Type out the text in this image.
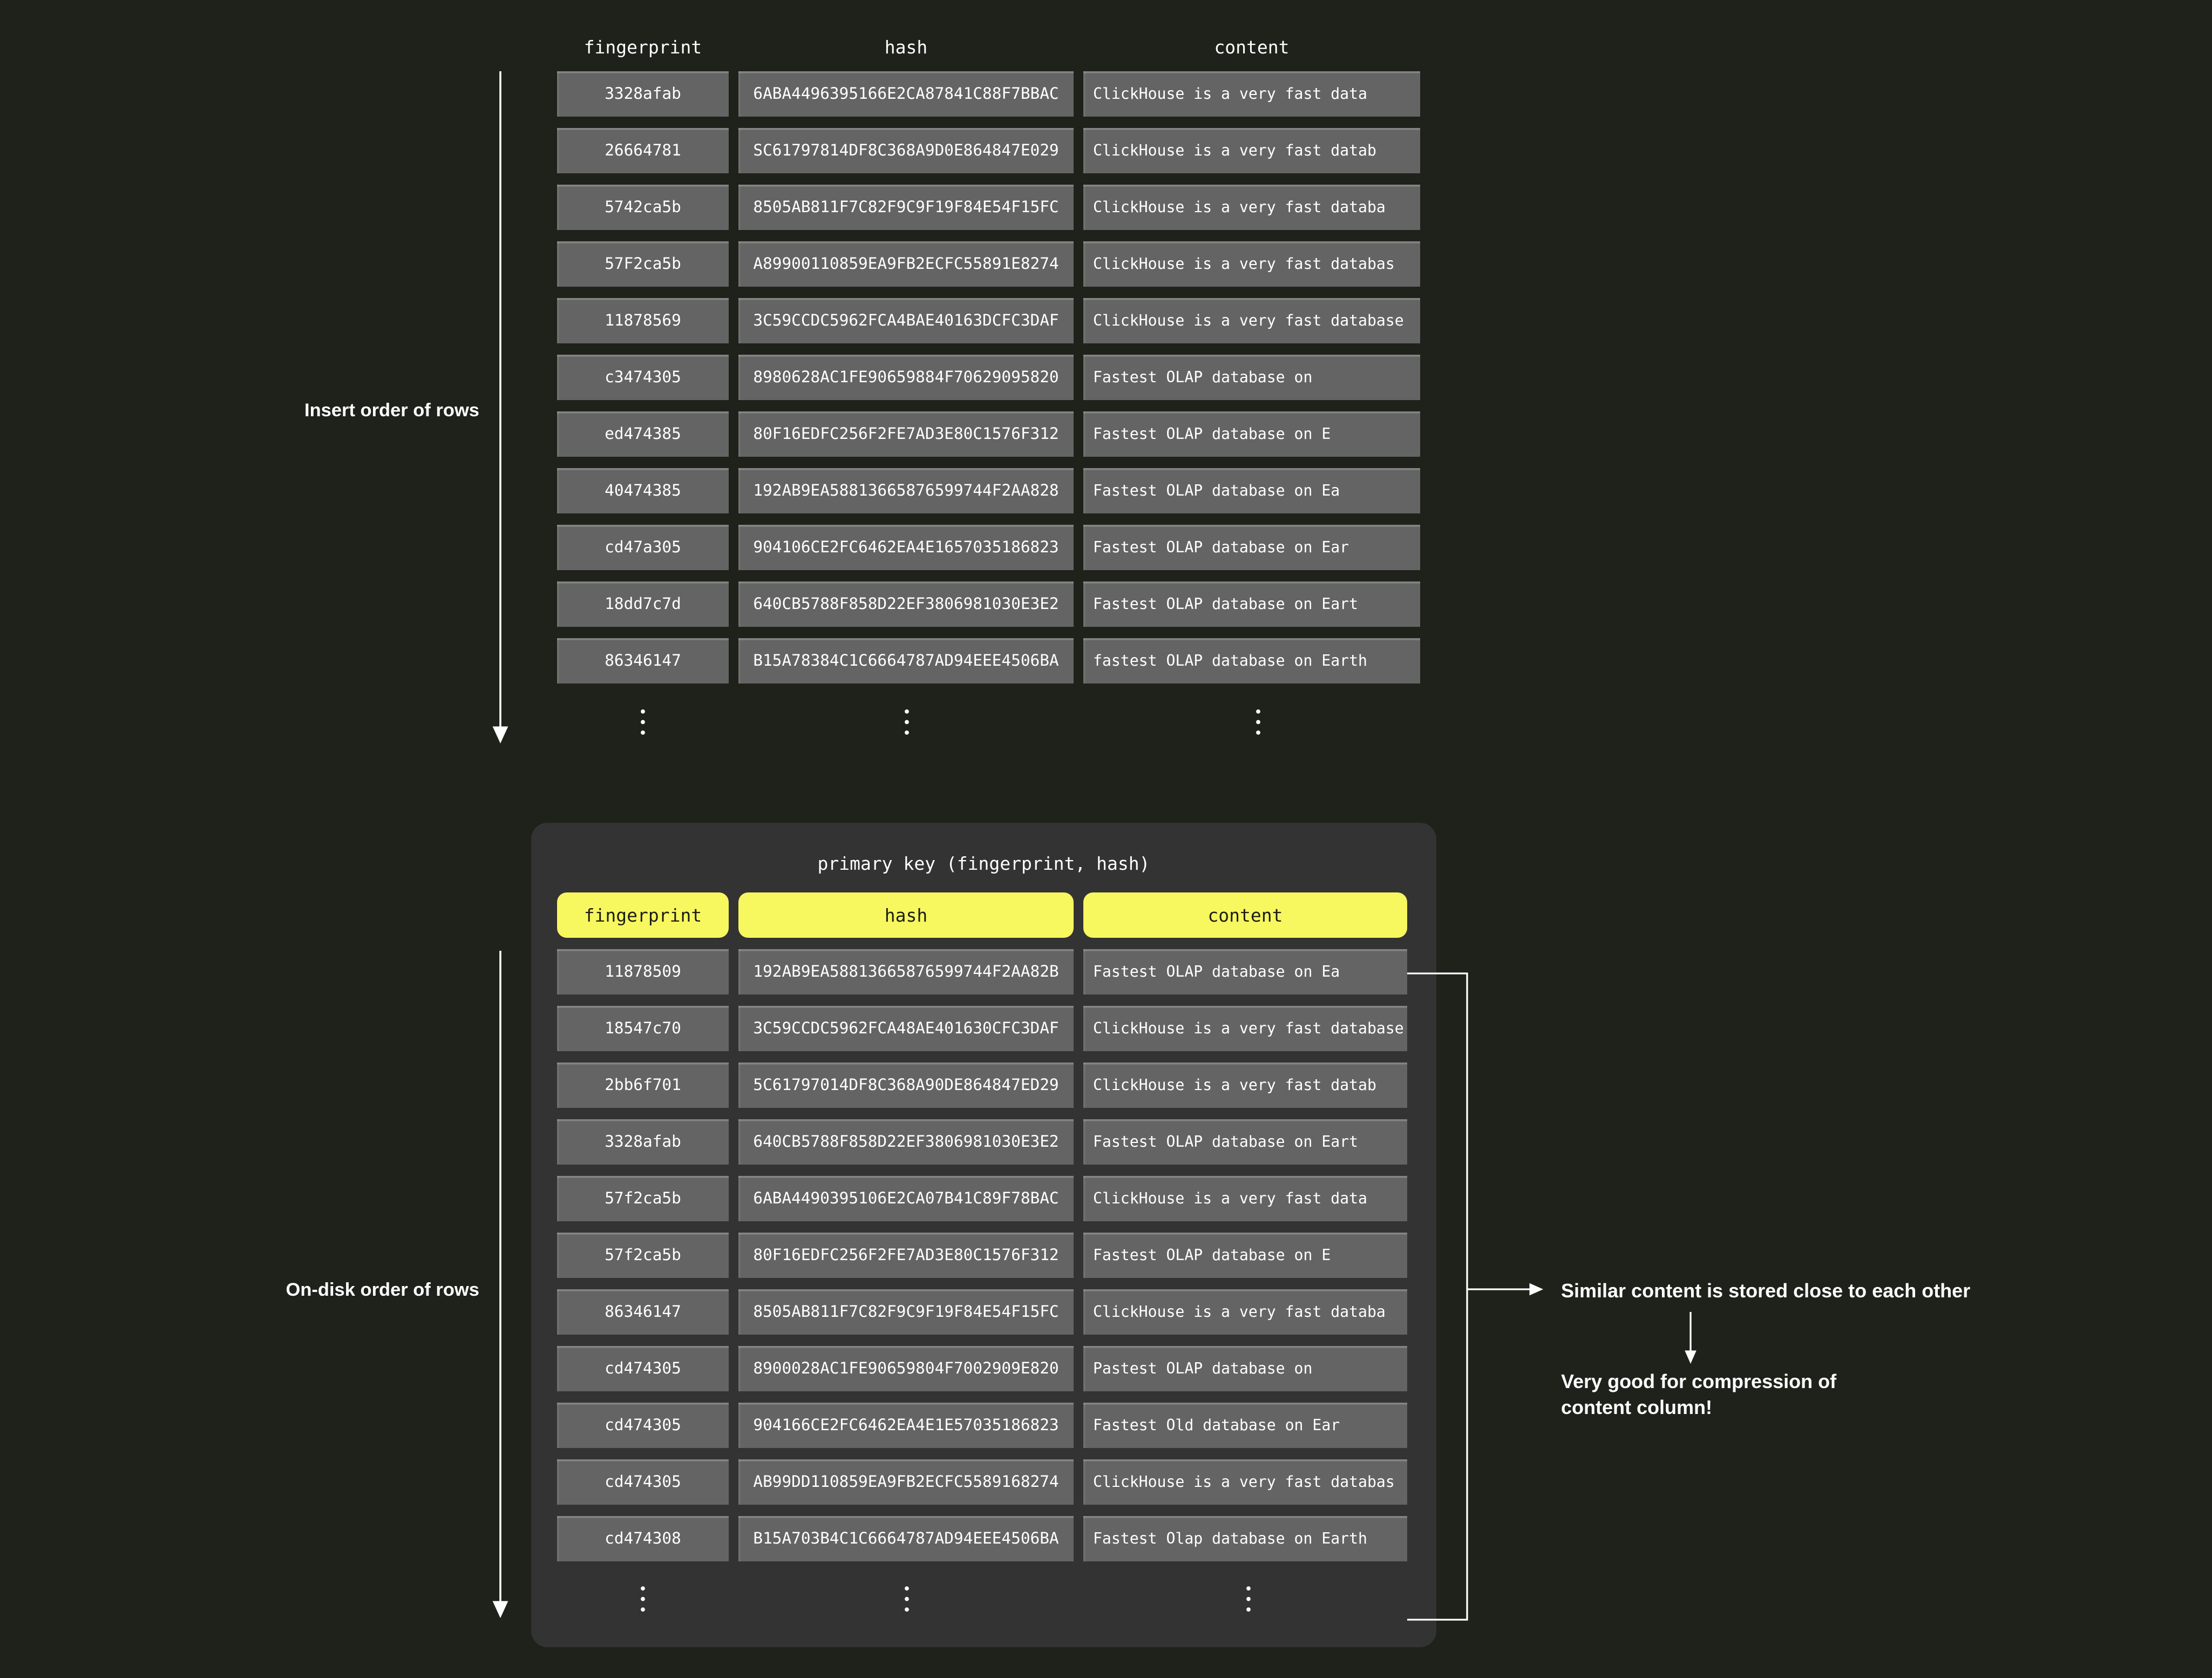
fingerprint	hash	content
3328afab	6ABA4496395166E2CA87841C88F7BBAC	ClickHouse is a very fast data
26664781	SC61797814DF8C368A9D0E864847E029	ClickHouse is a very fast datab
5742ca5b	8505AB811F7C82F9C9F19F84E54F15FC	ClickHouse is a very fast databa
57F2ca5b	A89900110859EA9FB2ECFC55891E8274	ClickHouse is a very fast databas
11878569	3C59CCDC5962FCA4BAE40163DCFC3DAF	ClickHouse is a very fast database
c3474305	8980628AC1FE90659884F70629095820	Fastest OLAP database on
ed474385	80F16EDFC256F2FE7AD3E80C1576F312	Fastest OLAP database on E
40474385	192AB9EA58813665876599744F2AA828	Fastest OLAP database on Ea
cd47a305	904106CE2FC6462EA4E1657035186823	Fastest OLAP database on Ear
18dd7c7d	640CB5788F858D22EF3806981030E3E2	Fastest OLAP database on Eart
86346147	B15A78384C1C6664787AD94EEE4506BA	fastest OLAP database on Earth
Insert order of rows
primary key (fingerprint, hash)
fingerprint	hash	content
11878509	192AB9EA58813665876599744F2AA82B	Fastest OLAP database on Ea
18547c70	3C59CCDC5962FCA48AE401630CFC3DAF	ClickHouse is a very fast database
2bb6f701	5C61797014DF8C368A90DE864847ED29	ClickHouse is a very fast datab
3328afab	640CB5788F858D22EF3806981030E3E2	Fastest OLAP database on Eart
57f2ca5b	6ABA4490395106E2CA07B41C89F78BAC	ClickHouse is a very fast data
57f2ca5b	80F16EDFC256F2FE7AD3E80C1576F312	Fastest OLAP database on E
86346147	8505AB811F7C82F9C9F19F84E54F15FC	ClickHouse is a very fast databa
cd474305	8900028AC1FE90659804F7002909E820	Pastest OLAP database on
cd474305	904166CE2FC6462EA4E1E57035186823	Fastest Old database on Ear
cd474305	AB99DD110859EA9FB2ECFC5589168274	ClickHouse is a very fast databas
cd474308	B15A703B4C1C6664787AD94EEE4506BA	Fastest Olap database on Earth
On-disk order of rows	Similar content is stored close to each other
Very good for compression of
content column!
